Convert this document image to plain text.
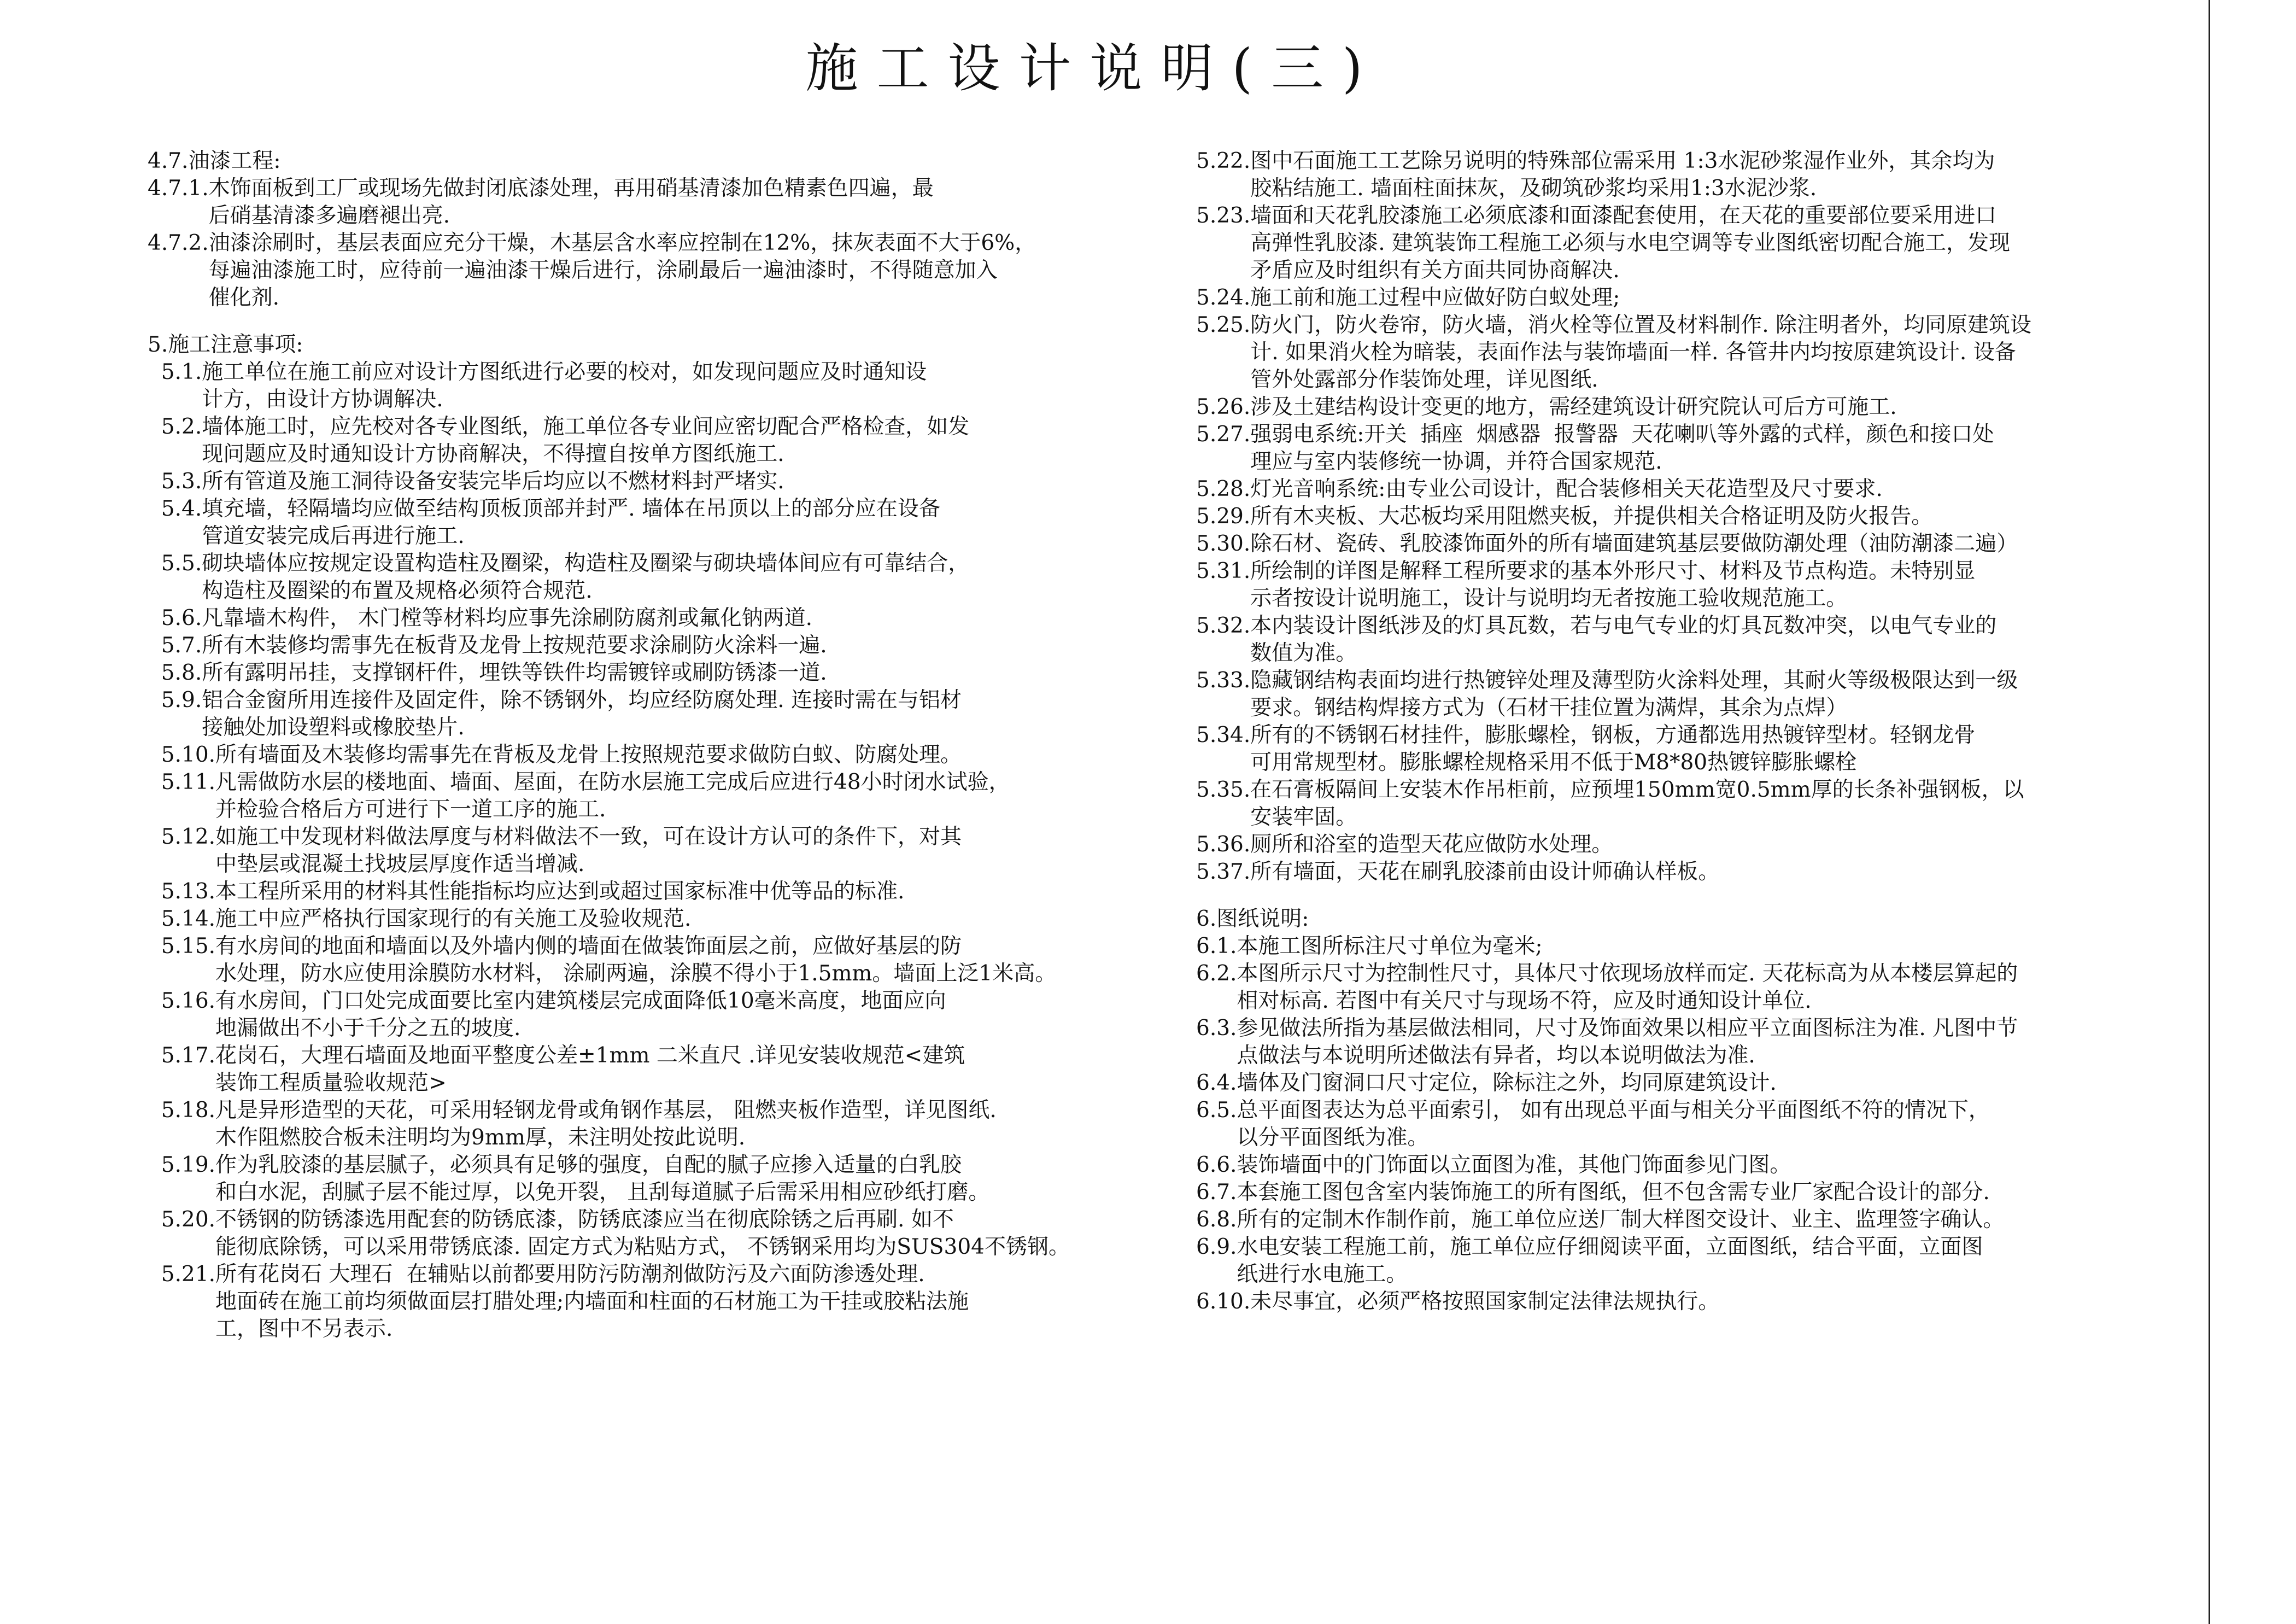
施工设计说明(三)
4.7.油漆工程:
4.7.1. 木饰面板到工厂或现场先做封闭底漆处理，再用硝基清漆加色精素色四遍，最
后硝基清漆多遍磨褪出亮.
4.7.2. 油漆涂刷时，基层表面应充分干燥，木基层含水率应控制在12%，抹灰表面不大于6%，
每遍油漆施工时，应待前一遍油漆干燥后进行，涂刷最后一遍油漆时，不得随意加入
催化剂.
5.施工注意事项:
5.1. 施工单位在施工前应对设计方图纸进行必要的校对，如发现问题应及时通知设
计方，由设计方协调解决.
5.2. 墙体施工时，应先校对各专业图纸，施工单位各专业间应密切配合严格检查，如发
现问题应及时通知设计方协商解决，不得擅自按单方图纸施工.
5.3. 所有管道及施工洞待设备安装完毕后均应以不燃材料封严堵实.
5.4. 填充墙，轻隔墙均应做至结构顶板顶部并封严. 墙体在吊顶以上的部分应在设备
管道安装完成后再进行施工.
5.5. 砌块墙体应按规定设置构造柱及圈梁，构造柱及圈梁与砌块墙体间应有可靠结合，
构造柱及圈梁的布置及规格必须符合规范.
5.6. 凡靠墙木构件， 木门樘等材料均应事先涂刷防腐剂或氟化钠两道.
5.7. 所有木装修均需事先在板背及龙骨上按规范要求涂刷防火涂料一遍.
5.8. 所有露明吊挂，支撑钢杆件，埋铁等铁件均需镀锌或刷防锈漆一道.
5.9. 铝合金窗所用连接件及固定件，除不锈钢外，均应经防腐处理. 连接时需在与铝材
接触处加设塑料或橡胶垫片.
5.10. 所有墙面及木装修均需事先在背板及龙骨上按照规范要求做防白蚁、防腐处理。
5.11. 凡需做防水层的楼地面、墙面、屋面，在防水层施工完成后应进行48小时闭水试验，
并检验合格后方可进行下一道工序的施工.
5.12. 如施工中发现材料做法厚度与材料做法不一致，可在设计方认可的条件下，对其
中垫层或混凝土找坡层厚度作适当增减.
5.13. 本工程所采用的材料其性能指标均应达到或超过国家标准中优等品的标准.
5.14. 施工中应严格执行国家现行的有关施工及验收规范.
5.15. 有水房间的地面和墙面以及外墙内侧的墙面在做装饰面层之前，应做好基层的防
水处理，防水应使用涂膜防水材料， 涂刷两遍，涂膜不得小于1.5mm。墙面上泛1米高。
5.16. 有水房间，门口处完成面要比室内建筑楼层完成面降低10毫米高度，地面应向
地漏做出不小于千分之五的坡度.
5.17. 花岗石，大理石墙面及地面平整度公差±1mm 二米直尺 .详见安装收规范<建筑
装饰工程质量验收规范>
5.18. 凡是异形造型的天花，可采用轻钢龙骨或角钢作基层， 阻燃夹板作造型，详见图纸.
木作阻燃胶合板未注明均为9mm厚，未注明处按此说明.
5.19. 作为乳胶漆的基层腻子，必须具有足够的强度，自配的腻子应掺入适量的白乳胶
和白水泥，刮腻子层不能过厚，以免开裂， 且刮每道腻子后需采用相应砂纸打磨。
5.20. 不锈钢的防锈漆选用配套的防锈底漆，防锈底漆应当在彻底除锈之后再刷. 如不
能彻底除锈，可以采用带锈底漆. 固定方式为粘贴方式， 不锈钢采用均为SUS304不锈钢。
5.21. 所有花岗石 大理石  在辅贴以前都要用防污防潮剂做防污及六面防渗透处理.
地面砖在施工前均须做面层打腊处理;内墙面和柱面的石材施工为干挂或胶粘法施
工，图中不另表示.
5.22. 图中石面施工工艺除另说明的特殊部位需采用 1:3水泥砂浆湿作业外，其余均为
胶粘结施工. 墙面柱面抹灰，及砌筑砂浆均采用1:3水泥沙浆.
5.23. 墙面和天花乳胶漆施工必须底漆和面漆配套使用，在天花的重要部位要采用进口
高弹性乳胶漆. 建筑装饰工程施工必须与水电空调等专业图纸密切配合施工，发现
矛盾应及时组织有关方面共同协商解决.
5.24. 施工前和施工过程中应做好防白蚁处理;
5.25. 防火门，防火卷帘，防火墙，消火栓等位置及材料制作. 除注明者外，均同原建筑设
计. 如果消火栓为暗装，表面作法与装饰墙面一样. 各管井内均按原建筑设计. 设备
管外处露部分作装饰处理，详见图纸.
5.26. 涉及土建结构设计变更的地方，需经建筑设计研究院认可后方可施工.
5.27. 强弱电系统:开关  插座  烟感器  报警器  天花喇叭等外露的式样，颜色和接口处
理应与室内装修统一协调，并符合国家规范.
5.28. 灯光音响系统:由专业公司设计，配合装修相关天花造型及尺寸要求.
5.29. 所有木夹板、大芯板均采用阻燃夹板，并提供相关合格证明及防火报告。
5.30. 除石材、瓷砖、乳胶漆饰面外的所有墙面建筑基层要做防潮处理（油防潮漆二遍）
5.31. 所绘制的详图是解释工程所要求的基本外形尺寸、材料及节点构造。未特别显
示者按设计说明施工，设计与说明均无者按施工验收规范施工。
5.32. 本内装设计图纸涉及的灯具瓦数，若与电气专业的灯具瓦数冲突，以电气专业的
数值为准。
5.33. 隐藏钢结构表面均进行热镀锌处理及薄型防火涂料处理，其耐火等级极限达到一级
要求。钢结构焊接方式为（石材干挂位置为满焊，其余为点焊）
5.34. 所有的不锈钢石材挂件，膨胀螺栓，钢板，方通都选用热镀锌型材。轻钢龙骨
可用常规型材。膨胀螺栓规格采用不低于M8*80热镀锌膨胀螺栓
5.35. 在石膏板隔间上安装木作吊柜前，应预埋150mm宽0.5mm厚的长条补强钢板，以
安装牢固。
5.36. 厕所和浴室的造型天花应做防水处理。
5.37. 所有墙面，天花在刷乳胶漆前由设计师确认样板。
6.图纸说明:
6.1. 本施工图所标注尺寸单位为毫米;
6.2. 本图所示尺寸为控制性尺寸，具体尺寸依现场放样而定. 天花标高为从本楼层算起的
相对标高. 若图中有关尺寸与现场不符，应及时通知设计单位.
6.3. 参见做法所指为基层做法相同，尺寸及饰面效果以相应平立面图标注为准. 凡图中节
点做法与本说明所述做法有异者，均以本说明做法为准.
6.4. 墙体及门窗洞口尺寸定位，除标注之外，均同原建筑设计.
6.5. 总平面图表达为总平面索引， 如有出现总平面与相关分平面图纸不符的情况下，
以分平面图纸为准。
6.6. 装饰墙面中的门饰面以立面图为准，其他门饰面参见门图。
6.7. 本套施工图包含室内装饰施工的所有图纸，但不包含需专业厂家配合设计的部分.
6.8. 所有的定制木作制作前，施工单位应送厂制大样图交设计、业主、监理签字确认。
6.9. 水电安装工程施工前，施工单位应仔细阅读平面，立面图纸，结合平面，立面图
纸进行水电施工。
6.10. 未尽事宜，必须严格按照国家制定法律法规执行。
